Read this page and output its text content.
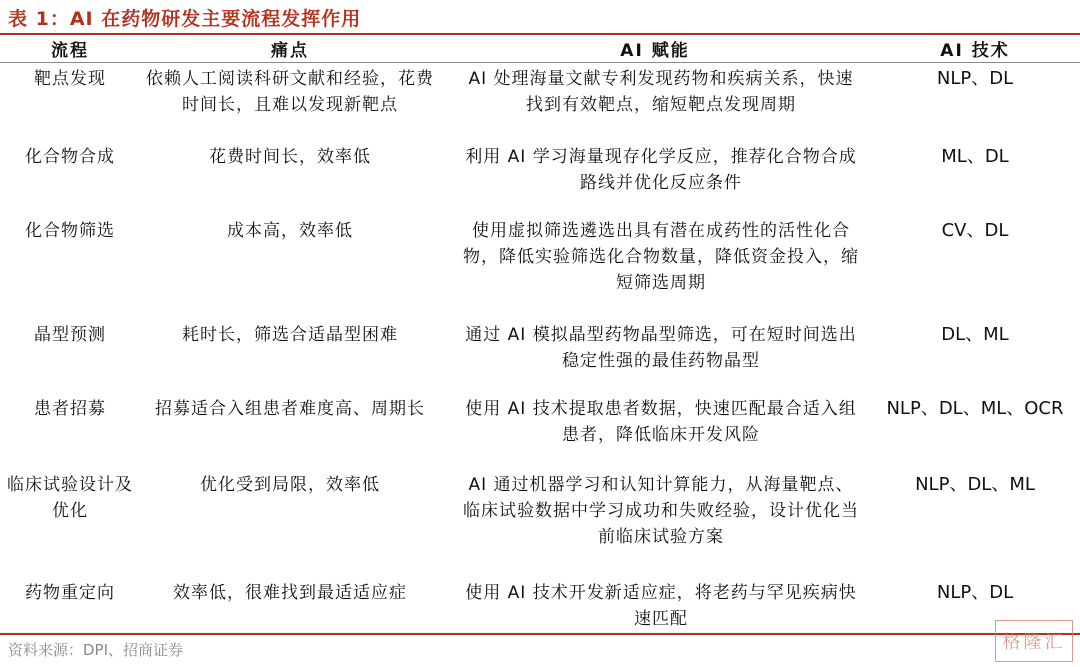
表 1：AI 在药物研发主要流程发挥作用
流程	痛点	AI 赋能	AI 技术
靶点发现	依赖人工阅读科研文献和经验，花费时间长，且难以发现新靶点	AI 处理海量文献专利发现药物和疾病关系，快速找到有效靶点，缩短靶点发现周期	NLP、DL
化合物合成	花费时间长，效率低	利用 AI 学习海量现存化学反应，推荐化合物合成路线并优化反应条件	ML、DL
化合物筛选	成本高，效率低	使用虚拟筛选遴选出具有潜在成药性的活性化合物，降低实验筛选化合物数量，降低资金投入，缩短筛选周期	CV、DL
晶型预测	耗时长，筛选合适晶型困难	通过 AI 模拟晶型药物晶型筛选，可在短时间选出稳定性强的最佳药物晶型	DL、ML
患者招募	招募适合入组患者难度高、周期长	使用 AI 技术提取患者数据，快速匹配最合适入组患者，降低临床开发风险	NLP、DL、ML、OCR
临床试验设计及优化	优化受到局限，效率低	AI 通过机器学习和认知计算能力，从海量靶点、临床试验数据中学习成功和失败经验，设计优化当前临床试验方案	NLP、DL、ML
药物重定向	效率低，很难找到最适适应症	使用 AI 技术开发新适应症，将老药与罕见疾病快速匹配	NLP、DL
资料来源：DPI、招商证券	格隆汇
